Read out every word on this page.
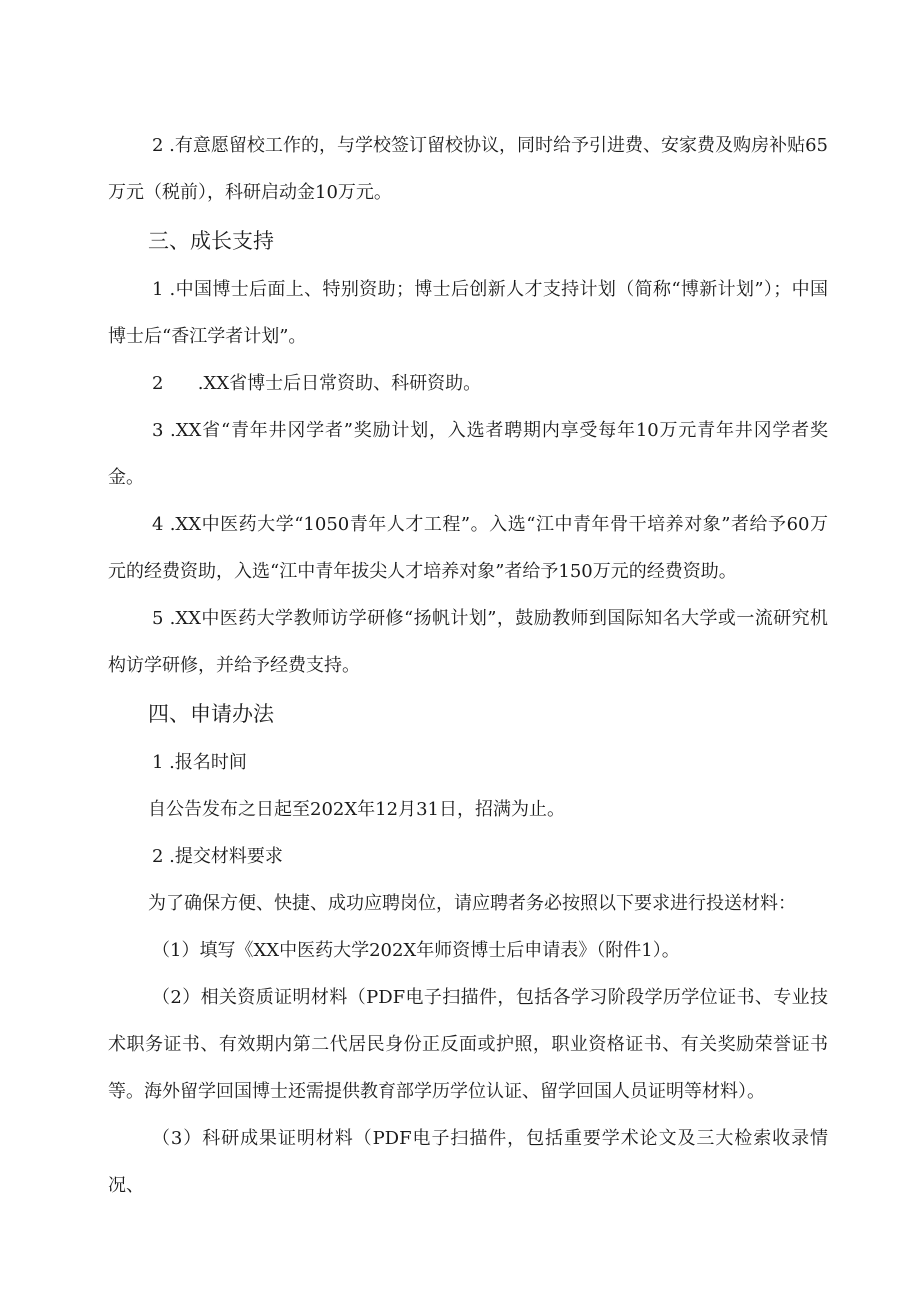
2 .有意愿留校工作的，与学校签订留校协议，同时给予引进费、安家费及购房补贴65万元（税前），科研启动金10万元。

三、成长支持

1 .中国博士后面上、特别资助；博士后创新人才支持计划（简称“博新计划”）；中国博士后“香江学者计划”。

2      .XX省博士后日常资助、科研资助。

3 .XX省“青年井冈学者”奖励计划，入选者聘期内享受每年10万元青年井冈学者奖金。

4 .XX中医药大学“1050青年人才工程”。入选“江中青年骨干培养对象”者给予60万元的经费资助，入选“江中青年拔尖人才培养对象”者给予150万元的经费资助。

5 .XX中医药大学教师访学研修“扬帆计划”，鼓励教师到国际知名大学或一流研究机构访学研修，并给予经费支持。

四、申请办法

1 .报名时间

自公告发布之日起至202X年12月31日，招满为止。

2 .提交材料要求

为了确保方便、快捷、成功应聘岗位，请应聘者务必按照以下要求进行投送材料：

（1）填写《XX中医药大学202X年师资博士后申请表》（附件1）。

（2）相关资质证明材料（PDF电子扫描件，包括各学习阶段学历学位证书、专业技术职务证书、有效期内第二代居民身份正反面或护照，职业资格证书、有关奖励荣誉证书等。海外留学回国博士还需提供教育部学历学位认证、留学回国人员证明等材料）。

（3）科研成果证明材料（PDF电子扫描件，包括重要学术论文及三大检索收录情况、
